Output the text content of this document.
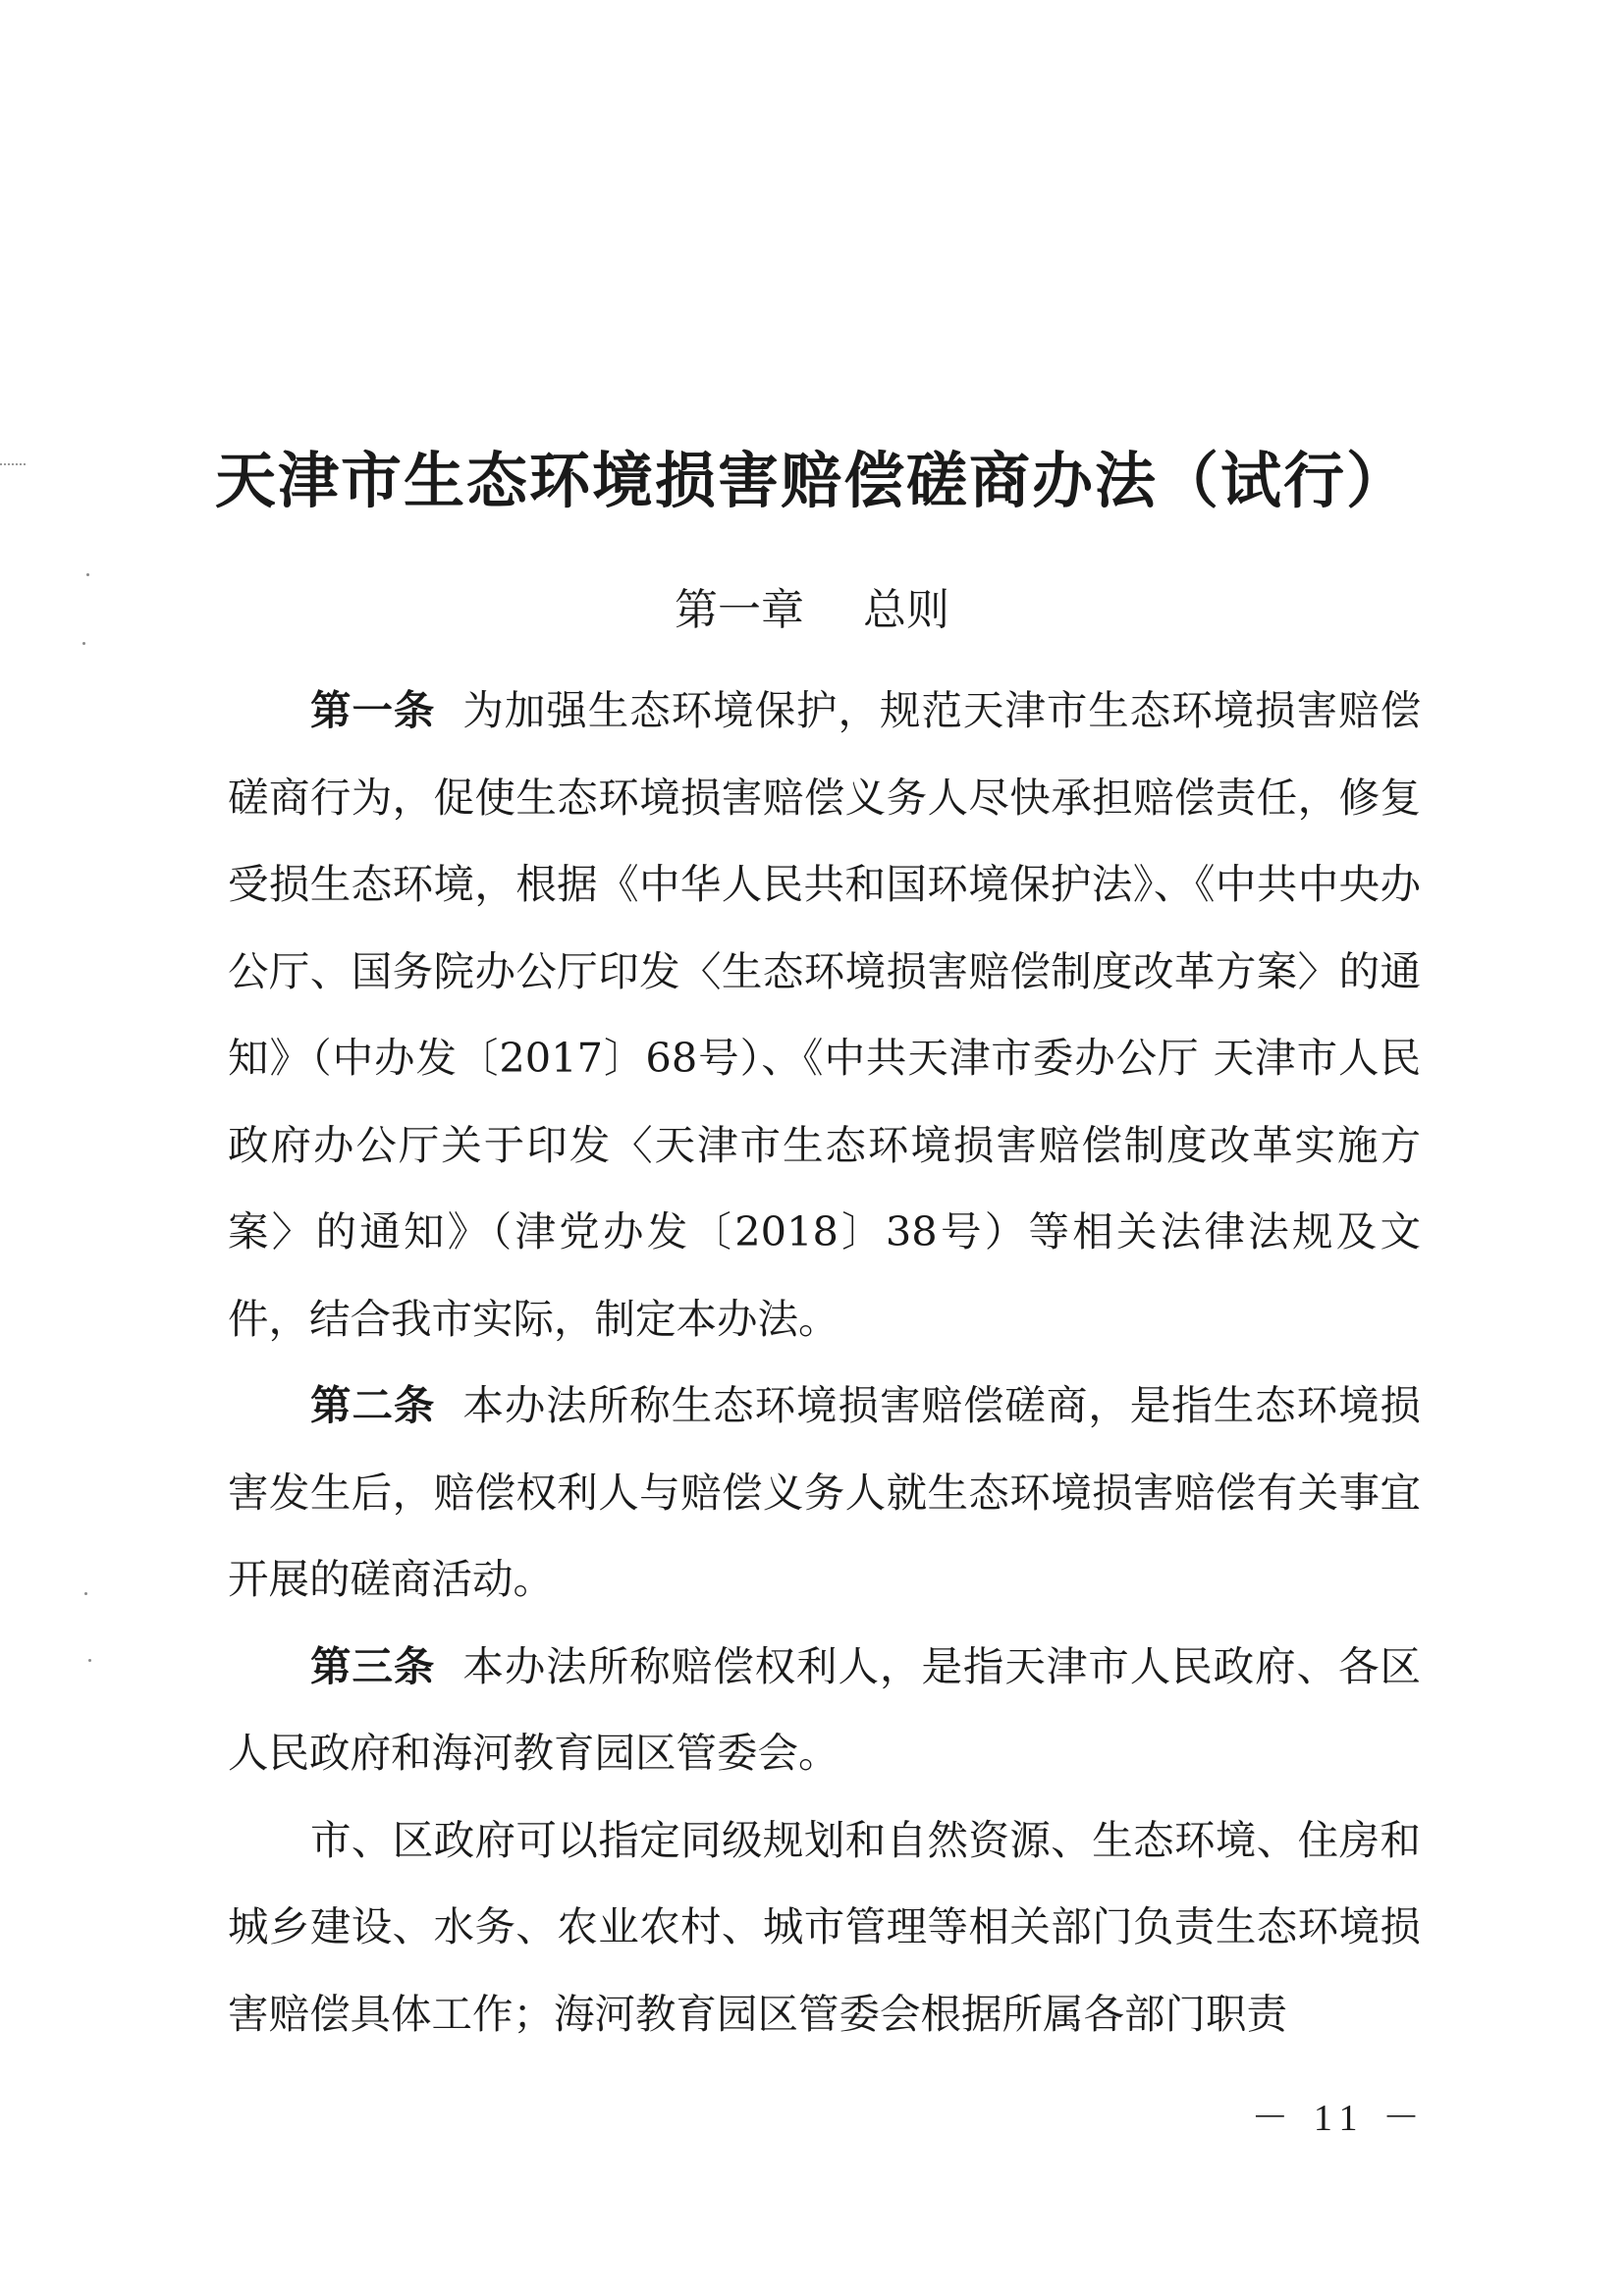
天津市生态环境损害赔偿磋商办法（试行）
第一章 总则

第一条 为加强生态环境保护，规范天津市生态环境损害赔偿磋商行为，促使生态环境损害赔偿义务人尽快承担赔偿责任，修复受损生态环境，根据《中华人民共和国环境保护法》、《中共中央办公厅、国务院办公厅印发〈生态环境损害赔偿制度改革方案〉的通知》（中办发〔2017〕68号）、《中共天津市委办公厅 天津市人民政府办公厅关于印发〈天津市生态环境损害赔偿制度改革实施方案〉的通知》（津党办发〔2018〕38号）等相关法律法规及文件，结合我市实际，制定本办法。

第二条 本办法所称生态环境损害赔偿磋商，是指生态环境损害发生后，赔偿权利人与赔偿义务人就生态环境损害赔偿有关事宜开展的磋商活动。

第三条 本办法所称赔偿权利人，是指天津市人民政府、各区人民政府和海河教育园区管委会。

市、区政府可以指定同级规划和自然资源、生态环境、住房和城乡建设、水务、农业农村、城市管理等相关部门负责生态环境损害赔偿具体工作；海河教育园区管委会根据所属各部门职责

－ 11 －
